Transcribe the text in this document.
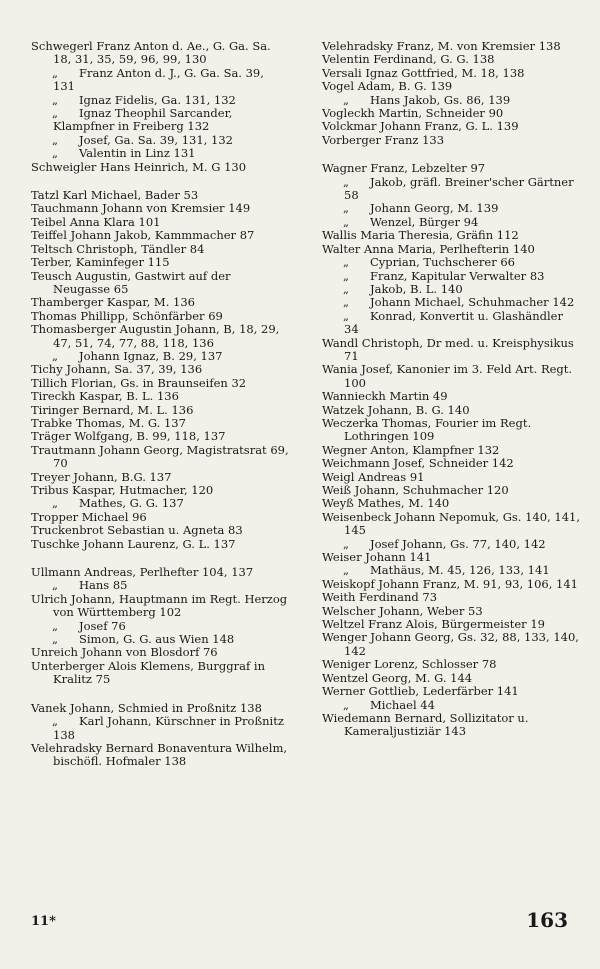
Schwegerl Franz Anton d. Ae., G. Ga. Sa. 18, 31, 35, 59, 96, 99, 130
„ Franz Anton d. J., G. Ga. Sa. 39, 131
„ Ignaz Fidelis, Ga. 131, 132
„ Ignaz Theophil Sarcander, Klampfner in Freiberg 132
„ Josef, Ga. Sa. 39, 131, 132
„ Valentin in Linz 131
Schweigler Hans Heinrich, M. G 130
Tatzl Karl Michael, Bader 53
Tauchmann Johann von Kremsier 149
Teibel Anna Klara 101
Teiffel Johann Jakob, Kammmacher 87
Teltsch Christoph, Tändler 84
Terber, Kaminfeger 115
Teusch Augustin, Gastwirt auf der Neugasse 65
Thamberger Kaspar, M. 136
Thomas Phillipp, Schönfärber 69
Thomasberger Augustin Johann, B, 18, 29, 47, 51, 74, 77, 88, 118, 136
„ Johann Ignaz, B. 29, 137
Tichy Johann, Sa. 37, 39, 136
Tillich Florian, Gs. in Braunseifen 32
Tireckh Kaspar, B. L. 136
Tiringer Bernard, M. L. 136
Trabke Thomas, M. G. 137
Träger Wolfgang, B. 99, 118, 137
Trautmann Johann Georg, Magistratsrat 69, 70
Treyer Johann, B.G. 137
Tribus Kaspar, Hutmacher, 120
„ Mathes, G. G. 137
Tropper Michael 96
Truckenbrot Sebastian u. Agneta 83
Tuschke Johann Laurenz, G. L. 137
Ullmann Andreas, Perlhefter 104, 137
„ Hans 85
Ulrich Johann, Hauptmann im Regt. Herzog von Württemberg 102
„ Josef 76
„ Simon, G. G. aus Wien 148
Unreich Johann von Blosdorf 76
Unterberger Alois Klemens, Burggraf in Kralitz 75
Vanek Johann, Schmied in Proßnitz 138
„ Karl Johann, Kürschner in Proßnitz 138
Velehradsky Bernard Bonaventura Wilhelm, bischöfl. Hofmaler 138
Velehradsky Franz, M. von Kremsier 138
Velentin Ferdinand, G. G. 138
Versali Ignaz Gottfried, M. 18, 138
Vogel Adam, B. G. 139
„ Hans Jakob, Gs. 86, 139
Vogleckh Martin, Schneider 90
Volckmar Johann Franz, G. L. 139
Vorberger Franz 133
Wagner Franz, Lebzelter 97
„ Jakob, gräfl. Breiner'scher Gärtner 58
„ Johann Georg, M. 139
„ Wenzel, Bürger 94
Wallis Maria Theresia, Gräfin 112
Walter Anna Maria, Perlhefterin 140
„ Cyprian, Tuchscherer 66
„ Franz, Kapitular Verwalter 83
„ Jakob, B. L. 140
„ Johann Michael, Schuhmacher 142
„ Konrad, Konvertit u. Glashändler 34
Wandl Christoph, Dr med. u. Kreisphysikus 71
Wania Josef, Kanonier im 3. Feld Art. Regt. 100
Wannieckh Martin 49
Watzek Johann, B. G. 140
Weczerka Thomas, Fourier im Regt. Lothringen 109
Wegner Anton, Klampfner 132
Weichmann Josef, Schneider 142
Weigl Andreas 91
Weiß Johann, Schuhmacher 120
Weyß Mathes, M. 140
Weisenbeck Johann Nepomuk, Gs. 140, 141, 145
„ Josef Johann, Gs. 77, 140, 142
Weiser Johann 141
„ Mathäus, M. 45, 126, 133, 141
Weiskopf Johann Franz, M. 91, 93, 106, 141
Weith Ferdinand 73
Welscher Johann, Weber 53
Weltzel Franz Alois, Bürgermeister 19
Wenger Johann Georg, Gs. 32, 88, 133, 140, 142
Weniger Lorenz, Schlosser 78
Wentzel Georg, M. G. 144
Werner Gottlieb, Lederfärber 141
„ Michael 44
Wiedemann Bernard, Sollizitator u. Kameraljustiziär 143
11*	163
